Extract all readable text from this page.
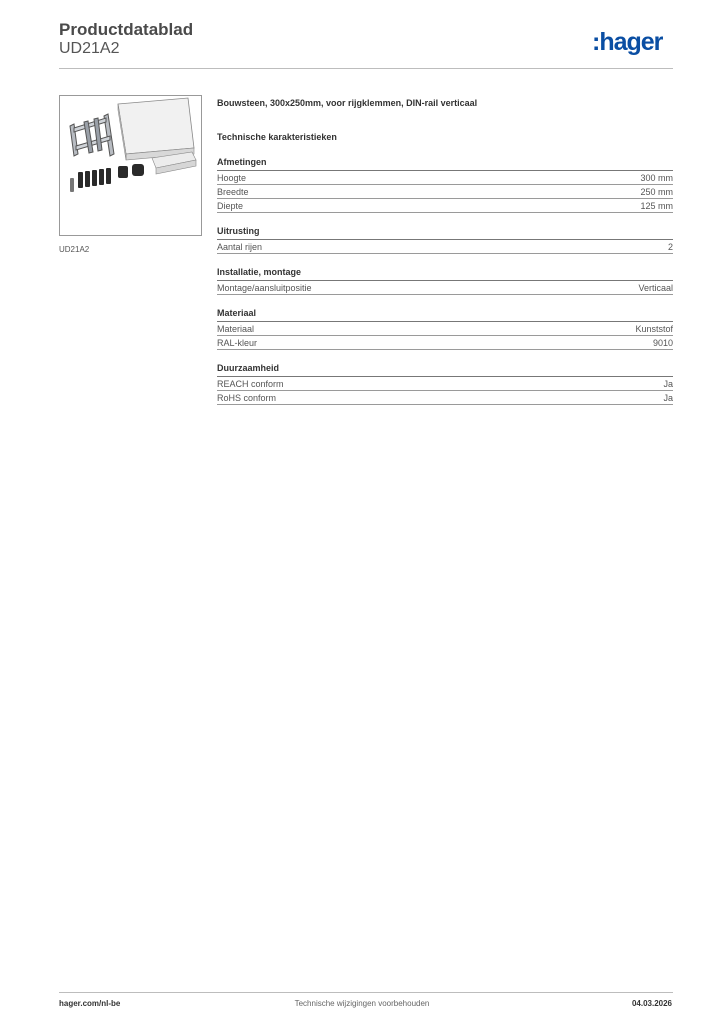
Productdatablad
UD21A2	:hager
UD21A2
Bouwsteen, 300x250mm, voor rijgklemmen, DIN-rail verticaal
Technische karakteristieken
Afmetingen
Hoogte	300 mm
Breedte	250 mm
Diepte	125 mm
Uitrusting
Aantal rijen	2
Installatie, montage
Montage/aansluitpositie	Verticaal
Materiaal
Materiaal	Kunststof
RAL-kleur	9010
Duurzaamheid
REACH conform	Ja
RoHS conform	Ja
hager.com/nl-be	Technische wijzigingen voorbehouden	04.03.2026
